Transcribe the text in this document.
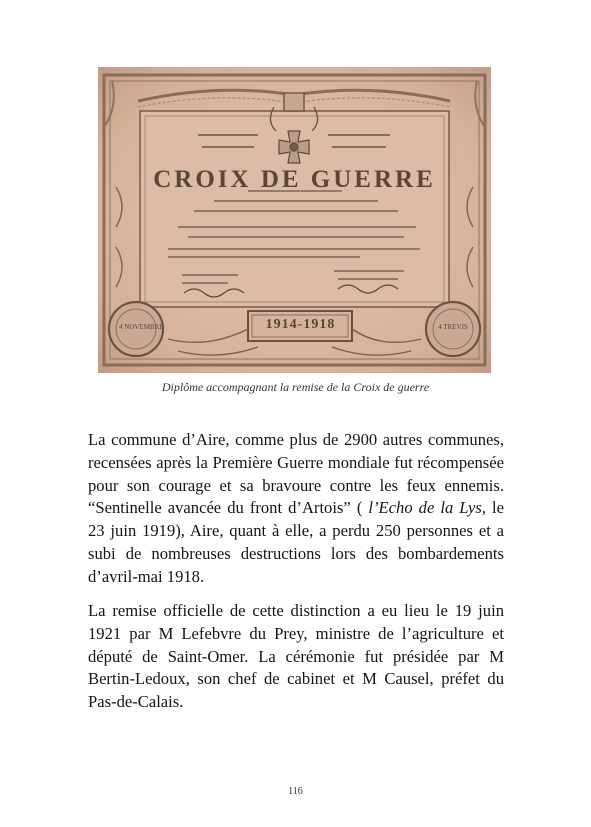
CROIX DE GUERRE
1914-1918
4 NOVEMBRE	4 TREVIS
Diplôme accompagnant la remise de la Croix de guerre

La commune d’Aire, comme plus de 2900 autres communes, recensées après la Première Guerre mondiale fut récompensée pour son courage et sa bravoure contre les feux ennemis. “Sentinelle avancée du front d’Artois” ( l’Echo de la Lys, le 23 juin 1919), Aire, quant à elle, a perdu 250 personnes et a subi de nombreuses destructions lors des bombardements d’avril-mai 1918.

La remise officielle de cette distinction a eu lieu le 19 juin 1921 par M Lefebvre du Prey, ministre de l’agriculture et député de Saint-Omer. La cérémonie fut présidée par M Bertin-Ledoux, son chef de cabinet et M Causel, préfet du Pas-de-Calais.

116
